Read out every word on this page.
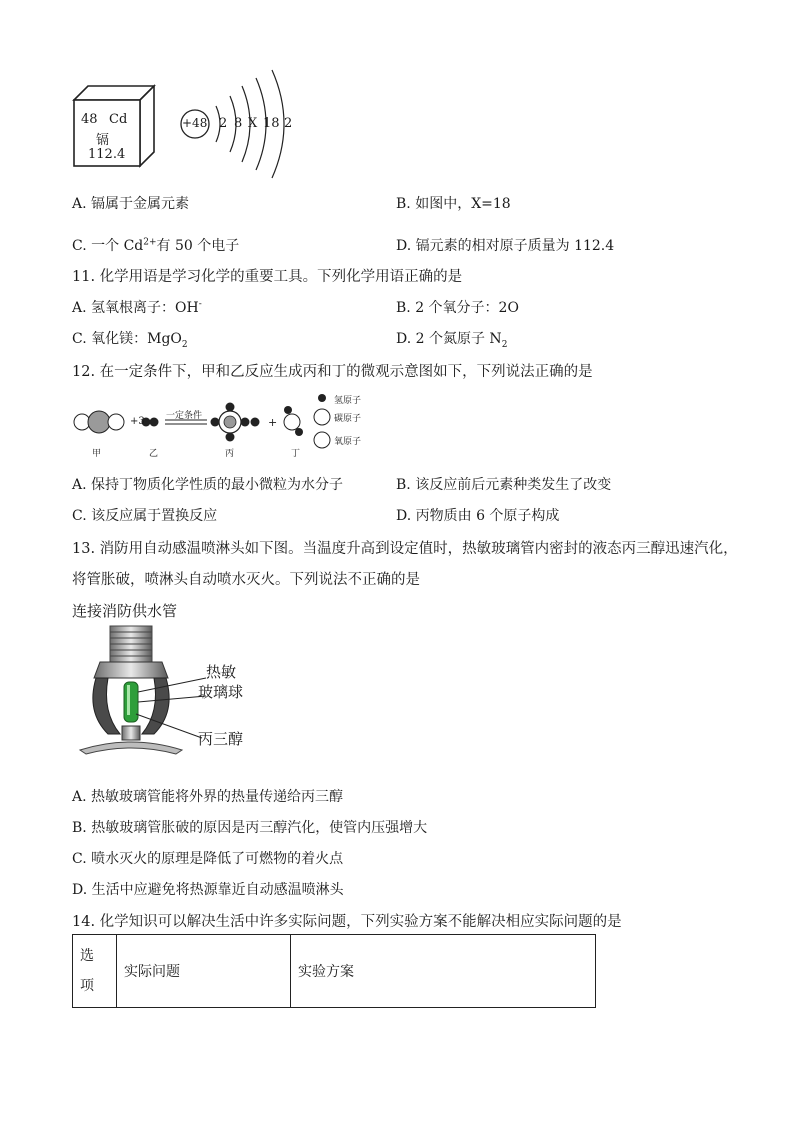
48 Cd
镉
112.4
+48 2 8 X 18 2
A. 镉属于金属元素	B. 如图中，X=18
C. 一个 $Cd^{2+}$有 50 个电子	D. 镉元素的相对原子质量为 112.4
11. 化学用语是学习化学的重要工具。下列化学用语正确的是
A. 氢氧根离子：OH-	B. 2 个氧分子：2O
C. 氧化镁：MgO$_2$	D. 2 个氮原子 $N_2$
12. 在一定条件下，甲和乙反应生成丙和丁的微观示意图如下，下列说法正确的是
+3 一定条件	+
甲	乙	丙	丁
氢原子
碳原子
氧原子
A. 保持丁物质化学性质的最小微粒为水分子	B. 该反应前后元素种类发生了改变
C. 该反应属于置换反应	D. 丙物质由 6 个原子构成
13. 消防用自动感温喷淋头如下图。当温度升高到设定值时，热敏玻璃管内密封的液态丙三醇迅速汽化，
将管胀破，喷淋头自动喷水灭火。下列说法不正确的是
连接消防供水管
热敏
玻璃球
丙三醇
A. 热敏玻璃管能将外界的热量传递给丙三醇
B. 热敏玻璃管胀破的原因是丙三醇汽化，使管内压强增大
C. 喷水灭火的原理是降低了可燃物的着火点
D. 生活中应避免将热源靠近自动感温喷淋头
14. 化学知识可以解决生活中许多实际问题，下列实验方案不能解决相应实际问题的是
选
项
	实际问题	实验方案
